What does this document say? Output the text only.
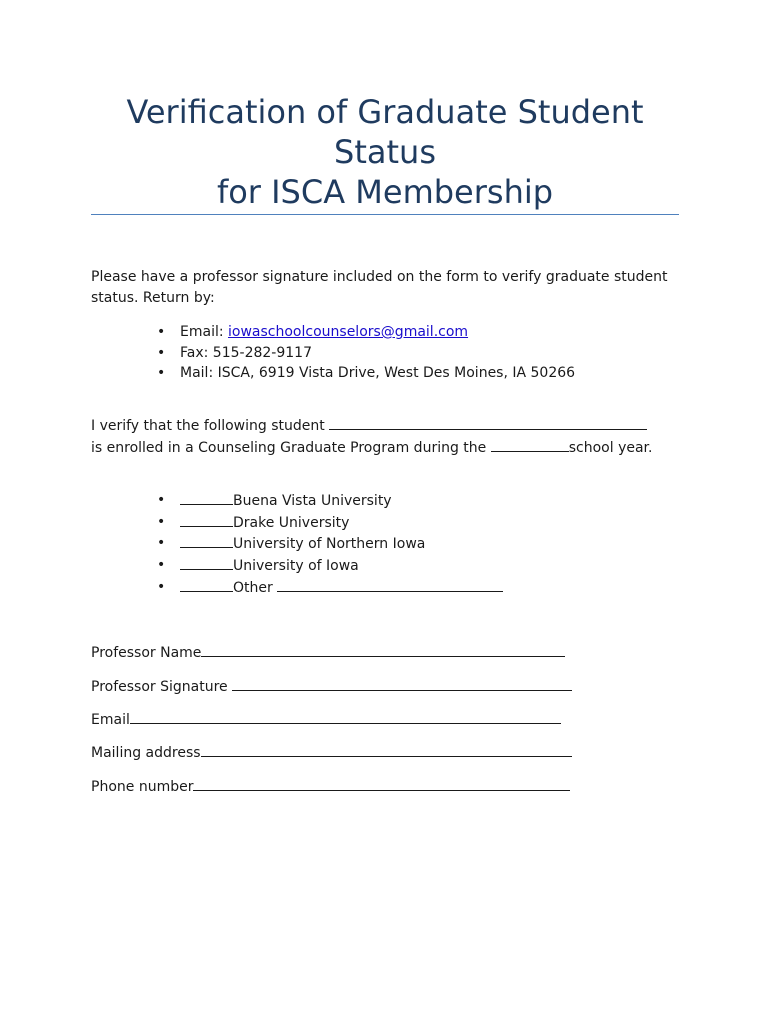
Verification of Graduate Student
Status
for ISCA Membership

Please have a professor signature included on the form to verify graduate student status. Return by:

• Email: iowaschoolcounselors@gmail.com
• Fax: 515-282-9117
• Mail: ISCA, 6919 Vista Drive, West Des Moines, IA 50266

I verify that the following student
is enrolled in a Counseling Graduate Program during the	school year.

•	Buena Vista University
•	Drake University
•	University of Northern Iowa
•	University of Iowa
•	Other
Professor Name
Professor Signature
Email
Mailing address
Phone number
